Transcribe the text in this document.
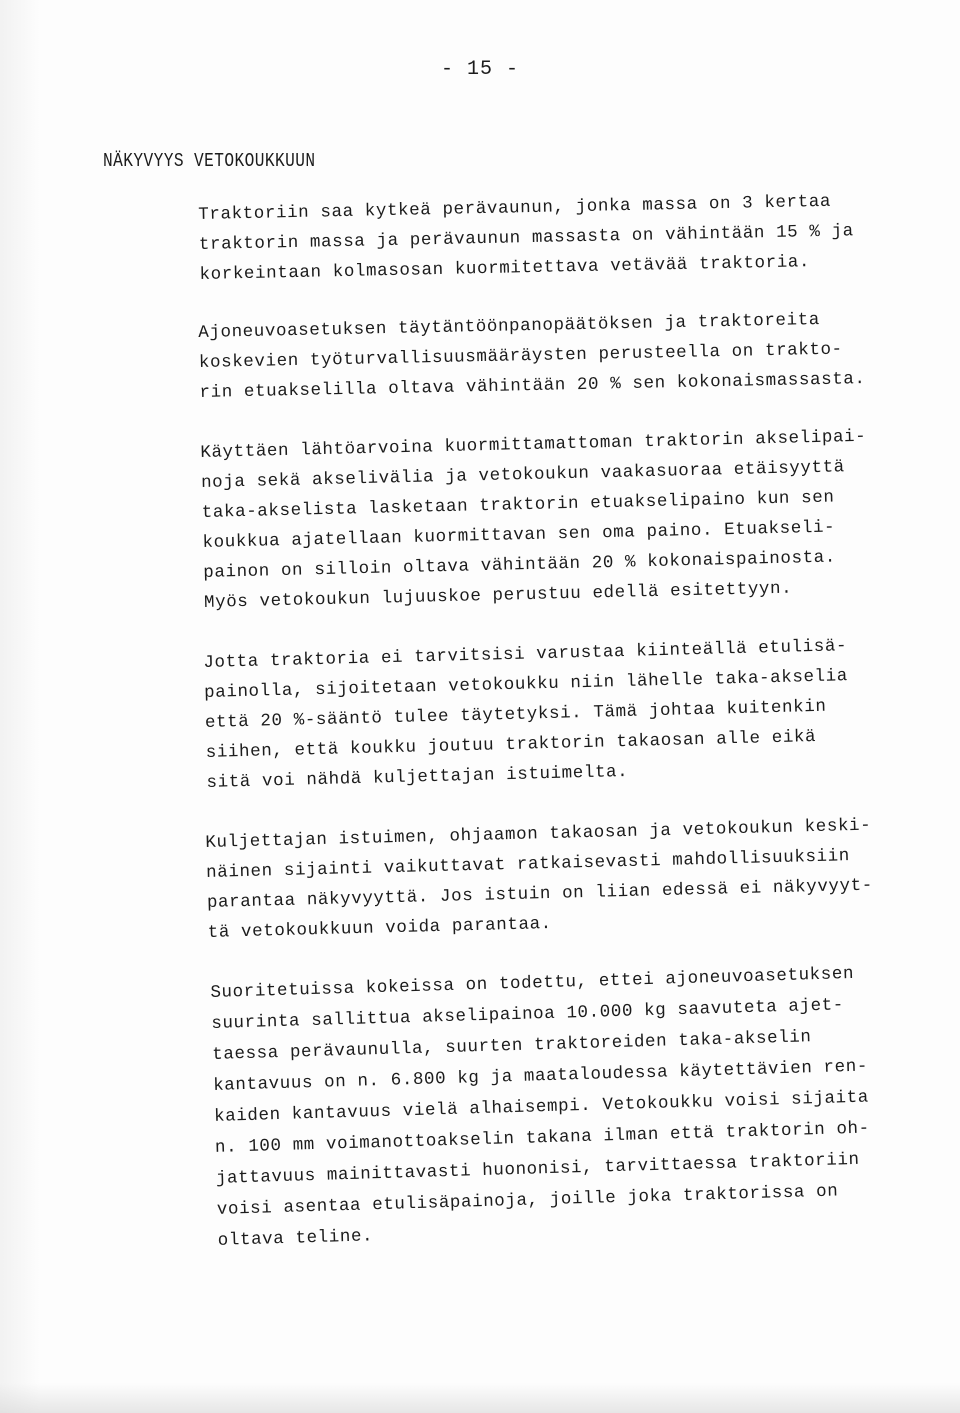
- 15 -
NÄKYVYYS VETOKOUKKUUN
Traktoriin saa kytkeä perävaunun, jonka massa on 3 kertaa
traktorin massa ja perävaunun massasta on vähintään 15 % ja
korkeintaan kolmasosan kuormitettava vetävää traktoria.
Ajoneuvoasetuksen täytäntöönpanopäätöksen ja traktoreita
koskevien työturvallisuusmääräysten perusteella on trakto-
rin etuakselilla oltava vähintään 20 % sen kokonaismassasta.
Käyttäen lähtöarvoina kuormittamattoman traktorin akselipai-
noja sekä akselivälia ja vetokoukun vaakasuoraa etäisyyttä
taka-akselista lasketaan traktorin etuakselipaino kun sen
koukkua ajatellaan kuormittavan sen oma paino. Etuakseli-
painon on silloin oltava vähintään 20 % kokonaispainosta.
Myös vetokoukun lujuuskoe perustuu edellä esitettyyn.
Jotta traktoria ei tarvitsisi varustaa kiinteällä etulisä-
painolla, sijoitetaan vetokoukku niin lähelle taka-akselia
että 20 %-sääntö tulee täytetyksi. Tämä johtaa kuitenkin
siihen, että koukku joutuu traktorin takaosan alle eikä
sitä voi nähdä kuljettajan istuimelta.
Kuljettajan istuimen, ohjaamon takaosan ja vetokoukun keski-
näinen sijainti vaikuttavat ratkaisevasti mahdollisuuksiin
parantaa näkyvyyttä. Jos istuin on liian edessä ei näkyvyyt-
tä vetokoukkuun voida parantaa.
Suoritetuissa kokeissa on todettu, ettei ajoneuvoasetuksen
suurinta sallittua akselipainoa 10.000 kg saavuteta ajet-
taessa perävaunulla, suurten traktoreiden taka-akselin
kantavuus on n. 6.800 kg ja maataloudessa käytettävien ren-
kaiden kantavuus vielä alhaisempi. Vetokoukku voisi sijaita
n. 100 mm voimanottoakselin takana ilman että traktorin oh-
jattavuus mainittavasti huononisi, tarvittaessa traktoriin
voisi asentaa etulisäpainoja, joille joka traktorissa on
oltava teline.
